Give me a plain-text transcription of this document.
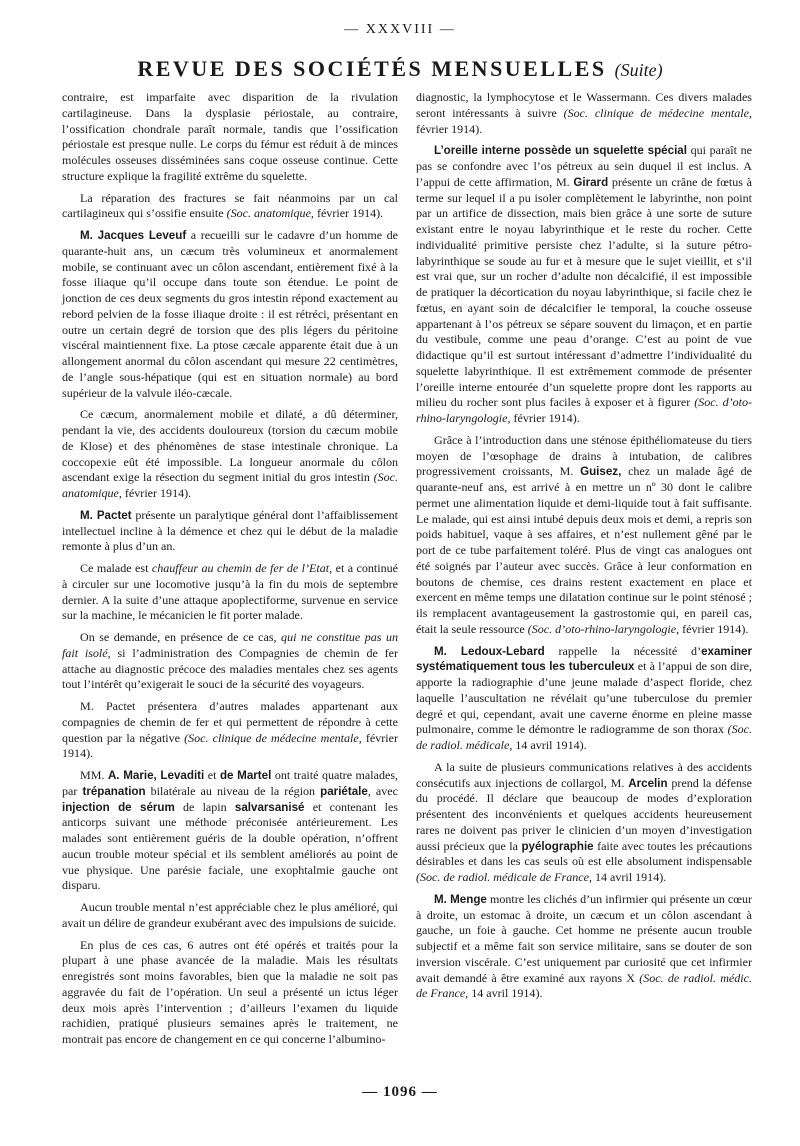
— XXXVIII —
REVUE DES SOCIÉTÉS MENSUELLES (Suite)

contraire, est imparfaite avec disparition de la rivulation cartilagineuse. Dans la dysplasie périostale, au contraire, l’ossification chondrale paraît normale, tandis que l’ossification périostale est presque nulle. Le corps du fémur est réduit à de minces molécules osseuses disséminées sans coque osseuse continue. Cette structure explique la fragilité extrême du squelette.

La réparation des fractures se fait néanmoins par un cal cartilagineux qui s’ossifie ensuite (Soc. anatomique, février 1914).

M. Jacques Leveuf a recueilli sur le cadavre d’un homme de quarante-huit ans, un cæcum très volumineux et anormalement mobile, se continuant avec un côlon ascendant, entièrement fixé à la fosse iliaque qu’il occupe dans toute son étendue. Le point de jonction de ces deux segments du gros intestin répond exactement au rebord pelvien de la fosse iliaque droite : il est rétréci, présentant en outre un certain degré de torsion que des plis légers du péritoine viscéral maintiennent fixe. La ptose cæcale apparente était due à un allongement anormal du côlon ascendant qui mesure 22 centimètres, de l’angle sous-hépatique (qui est en situation normale) au bord supérieur de la valvule iléo-cæcale.

Ce cæcum, anormalement mobile et dilaté, a dû déterminer, pendant la vie, des accidents douloureux (torsion du cæcum mobile de Klose) et des phénomènes de stase intestinale chronique. La coccopexie eût été impossible. La longueur anormale du côlon ascendant exige la résection du segment initial du gros intestin (Soc. anatomique, février 1914).

M. Pactet présente un paralytique général dont l’affaiblissement intellectuel incline à la démence et chez qui le début de la maladie remonte à plus d’un an.

Ce malade est chauffeur au chemin de fer de l’Etat, et a continué à circuler sur une locomotive jusqu’à la fin du mois de septembre dernier. A la suite d’une attaque apoplectiforme, survenue en service sur la machine, le mécanicien le fit porter malade.

On se demande, en présence de ce cas, qui ne constitue pas un fait isolé, si l’administration des Compagnies de chemin de fer attache au diagnostic précoce des maladies mentales chez ses agents tout l’intérêt qu’exigerait le souci de la sécurité des voyageurs.

M. Pactet présentera d’autres malades appartenant aux compagnies de chemin de fer et qui permettent de répondre à cette question par la négative (Soc. clinique de médecine mentale, février 1914).

MM. A. Marie, Levaditi et de Martel ont traité quatre malades, par trépanation bilatérale au niveau de la région pariétale, avec injection de sérum de lapin salvarsanisé et contenant les anticorps suivant une méthode préconisée antérieurement. Les malades sont entièrement guéris de la double opération, n’offrent aucun trouble moteur spécial et ils semblent améliorés au point de vue physique. Une parésie faciale, une exophtalmie gauche ont disparu.

Aucun trouble mental n’est appréciable chez le plus amélioré, qui avait un délire de grandeur exubérant avec des impulsions de suicide.

En plus de ces cas, 6 autres ont été opérés et traités pour la plupart à une phase avancée de la maladie. Mais les résultats enregistrés sont moins favorables, bien que la maladie ne soit pas aggravée du fait de l’opération. Un seul a présenté un ictus léger deux mois après l’intervention ; d’ailleurs l’examen du liquide rachidien, pratiqué plusieurs semaines après le traitement, ne montrait pas encore de changement en ce qui concerne l’albumino-

diagnostic, la lymphocytose et le Wassermann. Ces divers malades seront intéressants à suivre (Soc. clinique de médecine mentale, février 1914).

L’oreille interne possède un squelette spécial qui paraît ne pas se confondre avec l’os pétreux au sein duquel il est inclus. A l’appui de cette affirmation, M. Girard présente un crâne de fœtus à terme sur lequel il a pu isoler complètement le labyrinthe, non point par un artifice de dissection, mais bien grâce à une sorte de suture existant entre le noyau labyrinthique et le reste du rocher. Cette individualité primitive persiste chez l’adulte, si la suture pétro-labyrinthique se soude au fur et à mesure que le sujet vieillit, et s’il est vrai que, sur un rocher d’adulte non décalcifié, il est impossible de pratiquer la décortication du noyau labyrinthique, si facile chez le fœtus, en ayant soin de décalcifier le temporal, la couche osseuse appartenant à l’os pétreux se sépare souvent du limaçon, et en partie du vestibule, comme une peau d’orange. C’est au point de vue didactique qu’il est surtout intéressant d’admettre l’individualité du squelette labyrinthique. Il est extrêmement commode de présenter l’oreille interne entourée d’un squelette propre dont les rapports au milieu du rocher sont plus faciles à exposer et à figurer (Soc. d’oto-rhino-laryngologie, février 1914).

Grâce à l’introduction dans une sténose épithéliomateuse du tiers moyen de l’œsophage de drains à intubation, de calibres progressivement croissants, M. Guisez, chez un malade âgé de quarante-neuf ans, est arrivé à en mettre un nº 30 dont le calibre permet une alimentation liquide et demi-liquide tout à fait suffisante. Le malade, qui est ainsi intubé depuis deux mois et demi, a repris son poids habituel, vaque à ses affaires, et n’est nullement gêné par le port de ce tube parfaitement toléré. Plus de vingt cas analogues ont été soignés par l’auteur avec succès. Grâce à leur conformation en boutons de chemise, ces drains restent exactement en place et exercent en même temps une dilatation continue sur le point sténosé ; ils remplacent avantageusement la gastrostomie qui, en pareil cas, était la seule ressource (Soc. d’oto-rhino-laryngologie, février 1914).

M. Ledoux-Lebard rappelle la nécessité d’examiner systématiquement tous les tuberculeux et à l’appui de son dire, apporte la radiographie d’une jeune malade d’aspect floride, chez laquelle l’auscultation ne révélait qu’une tuberculose du premier degré et qui, cependant, avait une caverne énorme en pleine masse pulmonaire, comme le démontre le radiogramme de son thorax (Soc. de radiol. médicale, 14 avril 1914).

A la suite de plusieurs communications relatives à des accidents consécutifs aux injections de collargol, M. Arcelin prend la défense du procédé. Il déclare que beaucoup de modes d’exploration présentent des inconvénients et quelques accidents heureusement rares ne doivent pas priver le clinicien d’un moyen d’investigation aussi précieux que la pyélographie faite avec toutes les précautions désirables et dans les cas seuls où est elle absolument indispensable (Soc. de radiol. médicale de France, 14 avril 1914).

M. Menge montre les clichés d’un infirmier qui présente un cœur à droite, un estomac à droite, un cæcum et un côlon ascendant à gauche, un foie à gauche. Cet homme ne présente aucun trouble subjectif et a même fait son service militaire, sans se douter de son inversion viscérale. C’est uniquement par curiosité que cet infirmier avait demandé à être examiné aux rayons X (Soc. de radiol. médic. de France, 14 avril 1914).

— 1096 —
